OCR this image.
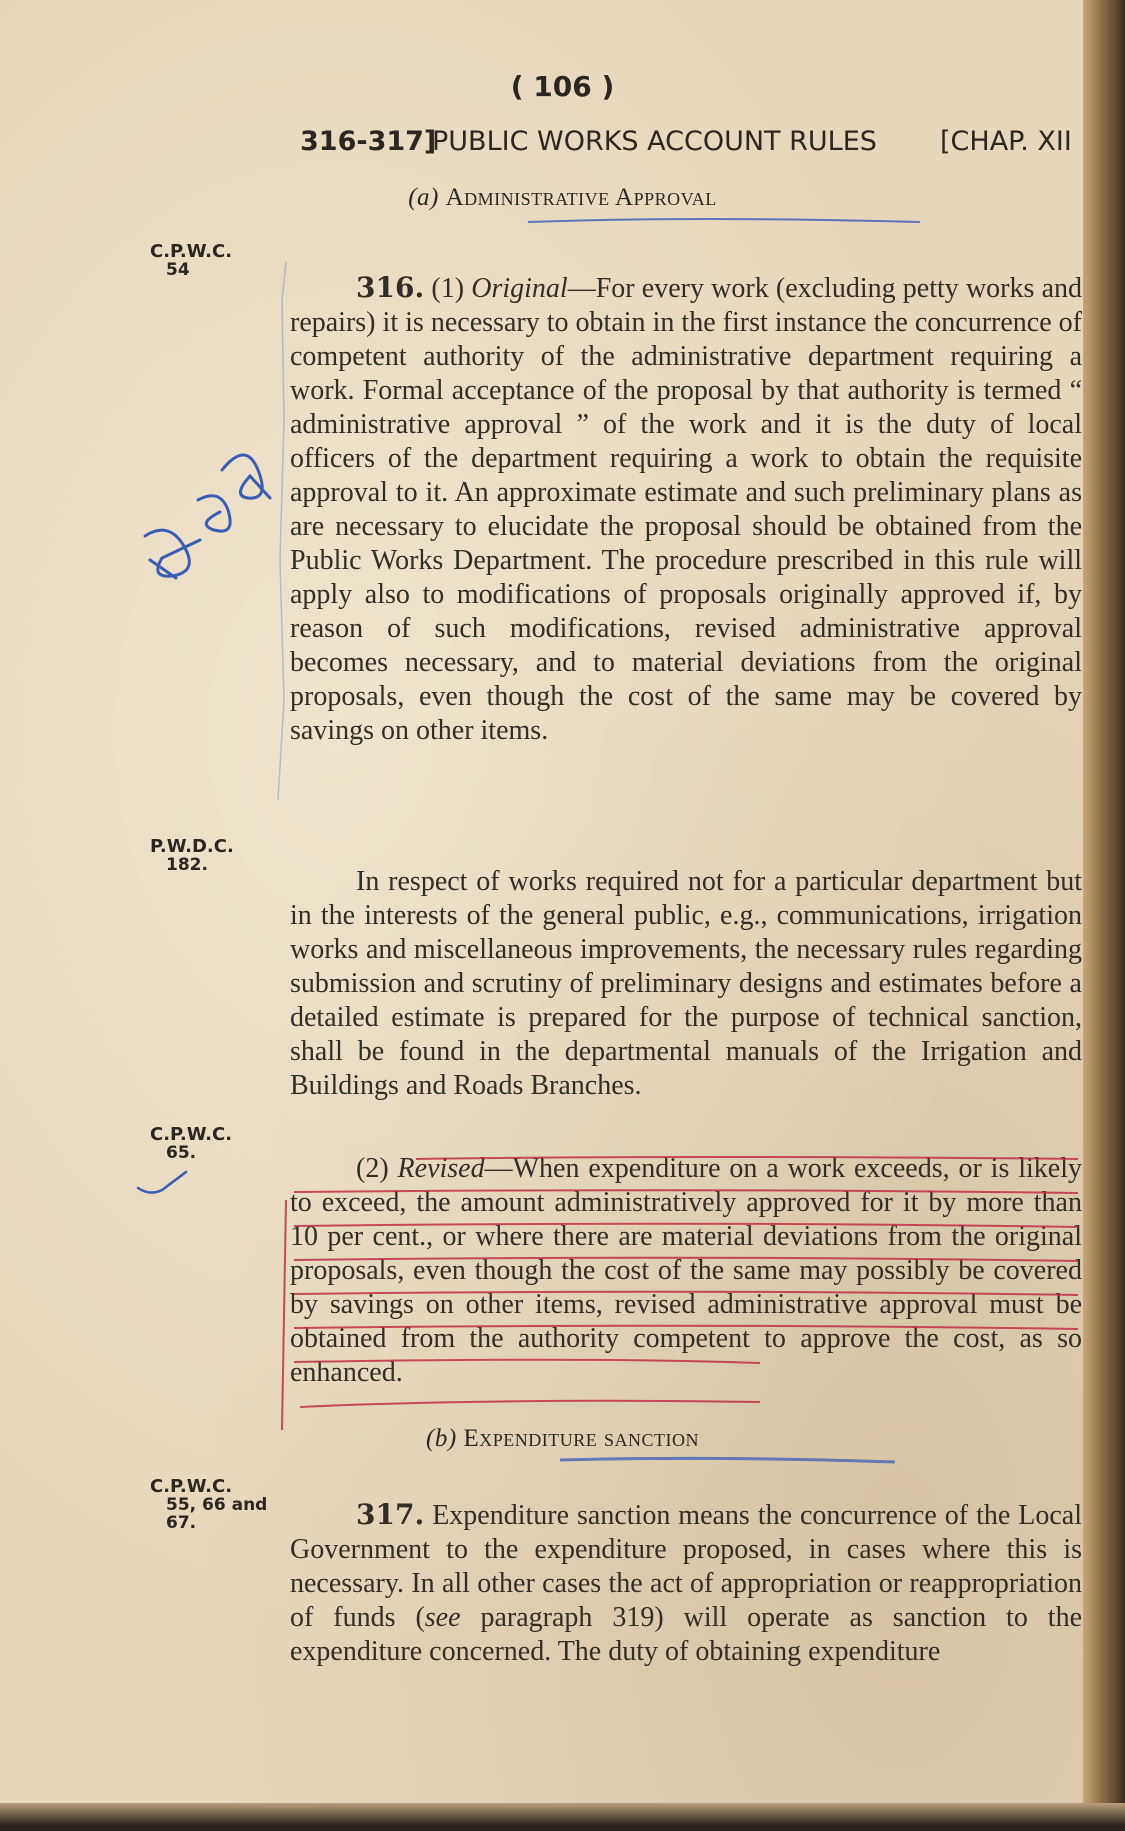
( 106 )
316-317]
PUBLIC WORKS ACCOUNT RULES [CHAP. XII
(a) Administrative Approval
C.P.W.C.
54
P.W.D.C.
182.
C.P.W.C.
65.
C.P.W.C.
55, 66 and 67.

316. (1) Original—For every work (excluding petty works and repairs) it is necessary to obtain in the first instance the concurrence of competent authority of the administrative department requiring a work. Formal acceptance of the proposal by that authority is termed “ administrative approval ” of the work and it is the duty of local officers of the department requiring a work to obtain the requisite approval to it. An approximate estimate and such preliminary plans as are necessary to elucidate the proposal should be obtained from the Public Works Department. The procedure prescribed in this rule will apply also to modifications of proposals originally approved if, by reason of such modifications, revised administrative approval becomes necessary, and to material deviations from the original proposals, even though the cost of the same may be covered by savings on other items.

In respect of works required not for a particular department but in the interests of the general public, e.g., communications, irrigation works and miscellaneous improvements, the necessary rules regarding submission and scrutiny of preliminary designs and estimates before a detailed estimate is prepared for the purpose of technical sanction, shall be found in the departmental manuals of the Irrigation and Buildings and Roads Branches.

(2) Revised—When expenditure on a work exceeds, or is likely to exceed, the amount administratively approved for it by more than 10 per cent., or where there are material deviations from the original proposals, even though the cost of the same may possibly be covered by savings on other items, revised administrative approval must be obtained from the authority competent to approve the cost, as so enhanced.

(b) Expenditure sanction

317. Expenditure sanction means the concurrence of the Local Government to the expenditure proposed, in cases where this is necessary. In all other cases the act of appropriation or reappropriation of funds (see paragraph 319) will operate as sanction to the expenditure concerned. The duty of obtaining expenditure
